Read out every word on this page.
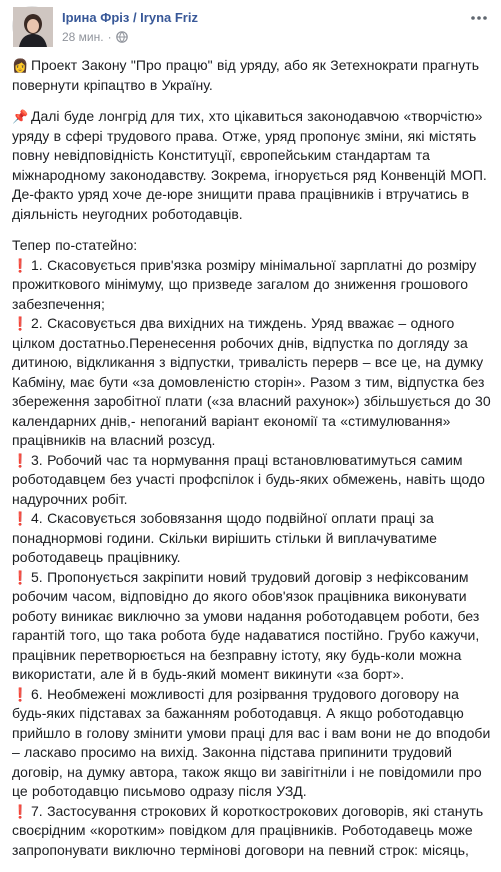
Ірина Фріз / Iryna Friz
28 мин. ·
👩 Проект Закону "Про працю" від уряду, або як Зетехнократи прагнуть
повернути кріпацтво в Україну.
📌 Далі буде лонгрід для тих, хто цікавиться законодавчою «творчістю»
уряду в сфері трудового права. Отже, уряд пропонує зміни, які містять
повну невідповідність Конституції, європейським стандартам та
міжнародному законодавству. Зокрема, ігнорується ряд Конвенцій МОП.
Де-факто уряд хоче де-юре знищити права працівників і втручатись в
діяльність неугодних роботодавців.
Тепер по-статейно:
❗ 1. Скасовується прив'язка розміру мінімальної зарплатні до розміру
прожиткового мінімуму, що призведе загалом до зниження грошового
забезпечення;
❗ 2. Скасовується два вихідних на тиждень. Уряд вважає – одного
цілком достатньо.Перенесення робочих днів, відпустка по догляду за
дитиною, відкликання з відпустки, тривалість перерв – все це, на думку
Кабміну, має бути «за домовленістю сторін». Разом з тим, відпустка без
збереження заробітної плати («за власний рахунок») збільшується до 30
календарних днів,- непоганий варіант економії та «стимулювання»
працівників на власний розсуд.
❗ 3. Робочий час та нормування праці встановлюватимуться самим
роботодавцем без участі профспілок і будь-яких обмежень, навіть щодо
надурочних робіт.
❗ 4. Скасовується зобовязання щодо подвійної оплати праці за
понаднормові години. Скільки вирішить стільки й виплачуватиме
роботодавець працівнику.
❗ 5. Пропонується закріпити новий трудовий договір з нефіксованим
робочим часом, відповідно до якого обов'язок працівника виконувати
роботу виникає виключно за умови надання роботодавцем роботи, без
гарантій того, що така робота буде надаватися постійно. Грубо кажучи,
працівник перетворюється на безправну істоту, яку будь-коли можна
використати, але й в будь-який момент викинути «за борт».
❗ 6. Необмежені можливості для розірвання трудового договору на
будь-яких підставах за бажанням роботодавця. А якщо роботодавцю
прийшло в голову змінити умови праці для вас і вам вони не до вподоби
– ласкаво просимо на вихід. Законна підстава припинити трудовий
договір, на думку автора, також якщо ви завігітніли і не повідомили про
це роботодавцю письмово одразу після УЗД.
❗ 7. Застосування строкових й короткострокових договорів, які стануть
своєрідним «коротким» повідком для працівників. Роботодавець може
запропонувати виключно термінові договори на певний строк: місяць,
